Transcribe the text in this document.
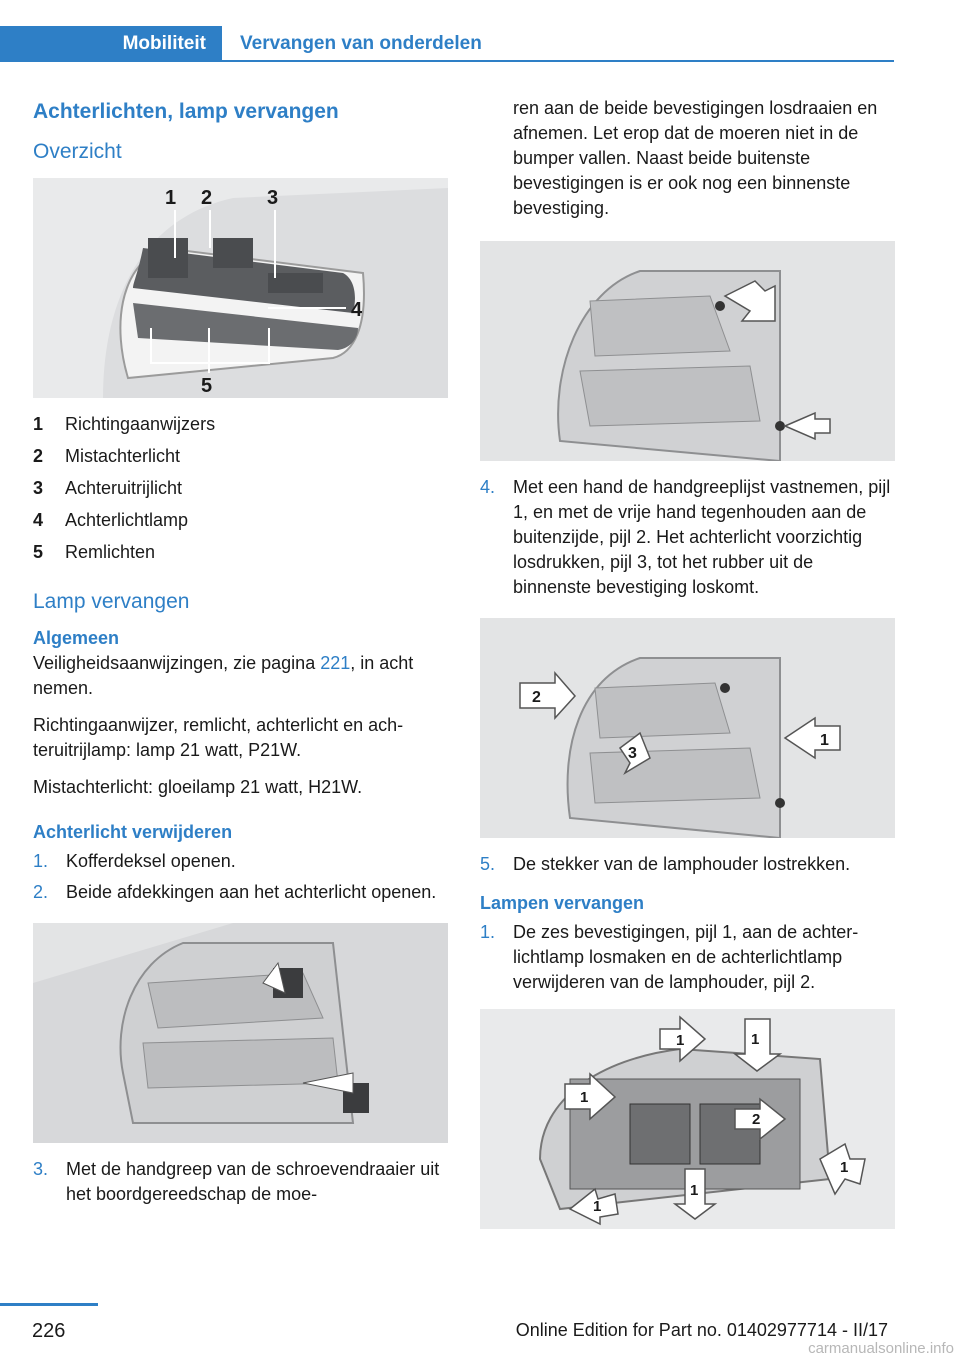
Mobiliteit	Vervangen van onderdelen
Achterlichten, lamp vervangen
Overzicht
1 2	3
4
5
1	Richtingaanwijzers
2	Mistachterlicht
3	Achteruitrijlicht
4	Achterlichtlamp
5	Remlichten
Lamp vervangen
Algemeen

Veiligheidsaanwijzingen, zie pagina 221, in acht nemen.

Richtingaanwijzer, remlicht, achterlicht en achteruitrijlamp: lamp 21 watt, P21W.

Mistachterlicht: gloeilamp 21 watt, H21W.

Achterlicht verwijderen
1. Kofferdeksel openen.
2. Beide afdekkingen aan het achterlicht openen.
3. Met de handgreep van de schroevendraaier uit het boordgereedschap de moe-

ren aan de beide bevestigingen losdraaien en afnemen. Let erop dat de moeren niet in de bumper vallen. Naast beide buitenste bevestigingen is er ook nog een binnenste bevestiging.

4. Met een hand de handgreeplijst vastnemen, pijl 1, en met de vrije hand tegenhouden aan de buitenzijde, pijl 2. Het achterlicht voorzichtig losdrukken, pijl 3, tot het rubber uit de binnenste bevestiging loskomt.
2
1
3
5. De stekker van de lamphouder lostrekken.
Lampen vervangen
1. De zes bevestigingen, pijl 1, aan de achterlichtlamp losmaken en de achterlichtlamp verwijderen van de lamphouder, pijl 2.
1	1
1
1
1
1
2
226	Online Edition for Part no. 01402977714 - II/17
carmanualsonline.info
